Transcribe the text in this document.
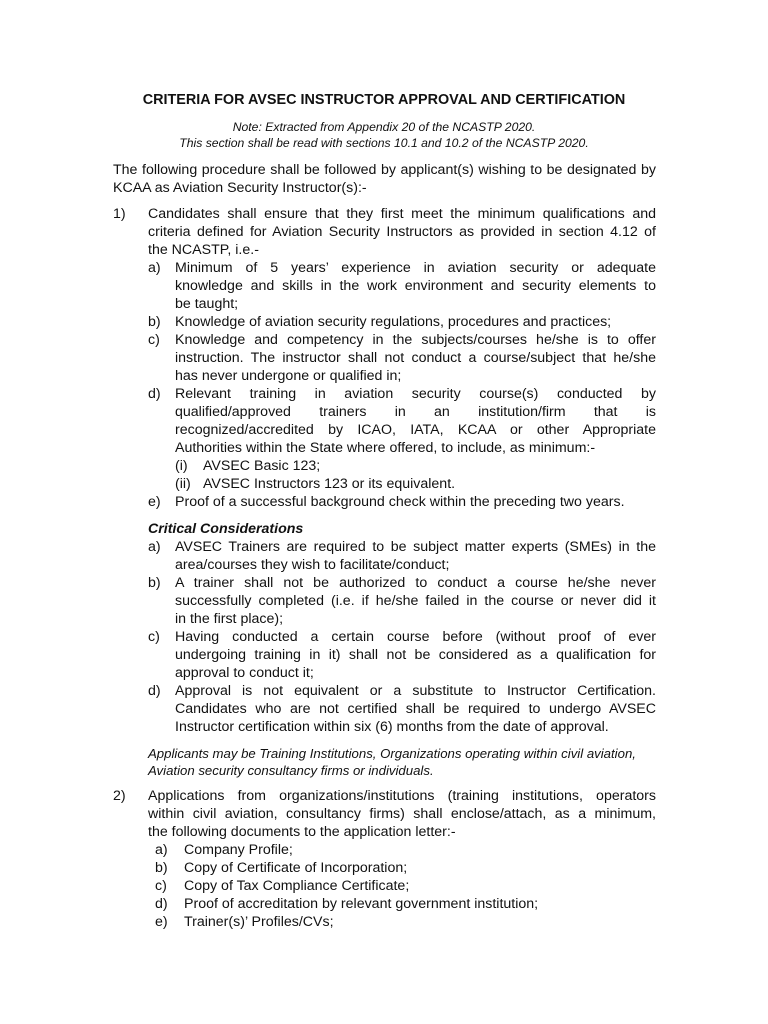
CRITERIA FOR AVSEC INSTRUCTOR APPROVAL AND CERTIFICATION
Note: Extracted from Appendix 20 of the NCASTP 2020.
This section shall be read with sections 10.1 and 10.2 of the NCASTP 2020.
The following procedure shall be followed by applicant(s) wishing to be designated by
KCAA as Aviation Security Instructor(s):-
1) Candidates shall ensure that they first meet the minimum qualifications and
criteria defined for Aviation Security Instructors as provided in section 4.12 of
the NCASTP, i.e.-
a) Minimum of 5 years’ experience in aviation security or adequate
knowledge and skills in the work environment and security elements to
be taught;
b) Knowledge of aviation security regulations, procedures and practices;
c) Knowledge and competency in the subjects/courses he/she is to offer
instruction. The instructor shall not conduct a course/subject that he/she
has never undergone or qualified in;
d) Relevant training in aviation security course(s) conducted by
qualified/approved trainers in an institution/firm that is
recognized/accredited by ICAO, IATA, KCAA or other Appropriate
Authorities within the State where offered, to include, as minimum:-
(i) AVSEC Basic 123;
(ii) AVSEC Instructors 123 or its equivalent.
e) Proof of a successful background check within the preceding two years.
Critical Considerations
a) AVSEC Trainers are required to be subject matter experts (SMEs) in the
area/courses they wish to facilitate/conduct;
b) A trainer shall not be authorized to conduct a course he/she never
successfully completed (i.e. if he/she failed in the course or never did it
in the first place);
c) Having conducted a certain course before (without proof of ever
undergoing training in it) shall not be considered as a qualification for
approval to conduct it;
d) Approval is not equivalent or a substitute to Instructor Certification.
Candidates who are not certified shall be required to undergo AVSEC
Instructor certification within six (6) months from the date of approval.
Applicants may be Training Institutions, Organizations operating within civil aviation,
Aviation security consultancy firms or individuals.
2) Applications from organizations/institutions (training institutions, operators
within civil aviation, consultancy firms) shall enclose/attach, as a minimum,
the following documents to the application letter:-
a) Company Profile;
b) Copy of Certificate of Incorporation;
c) Copy of Tax Compliance Certificate;
d) Proof of accreditation by relevant government institution;
e) Trainer(s)’ Profiles/CVs;
